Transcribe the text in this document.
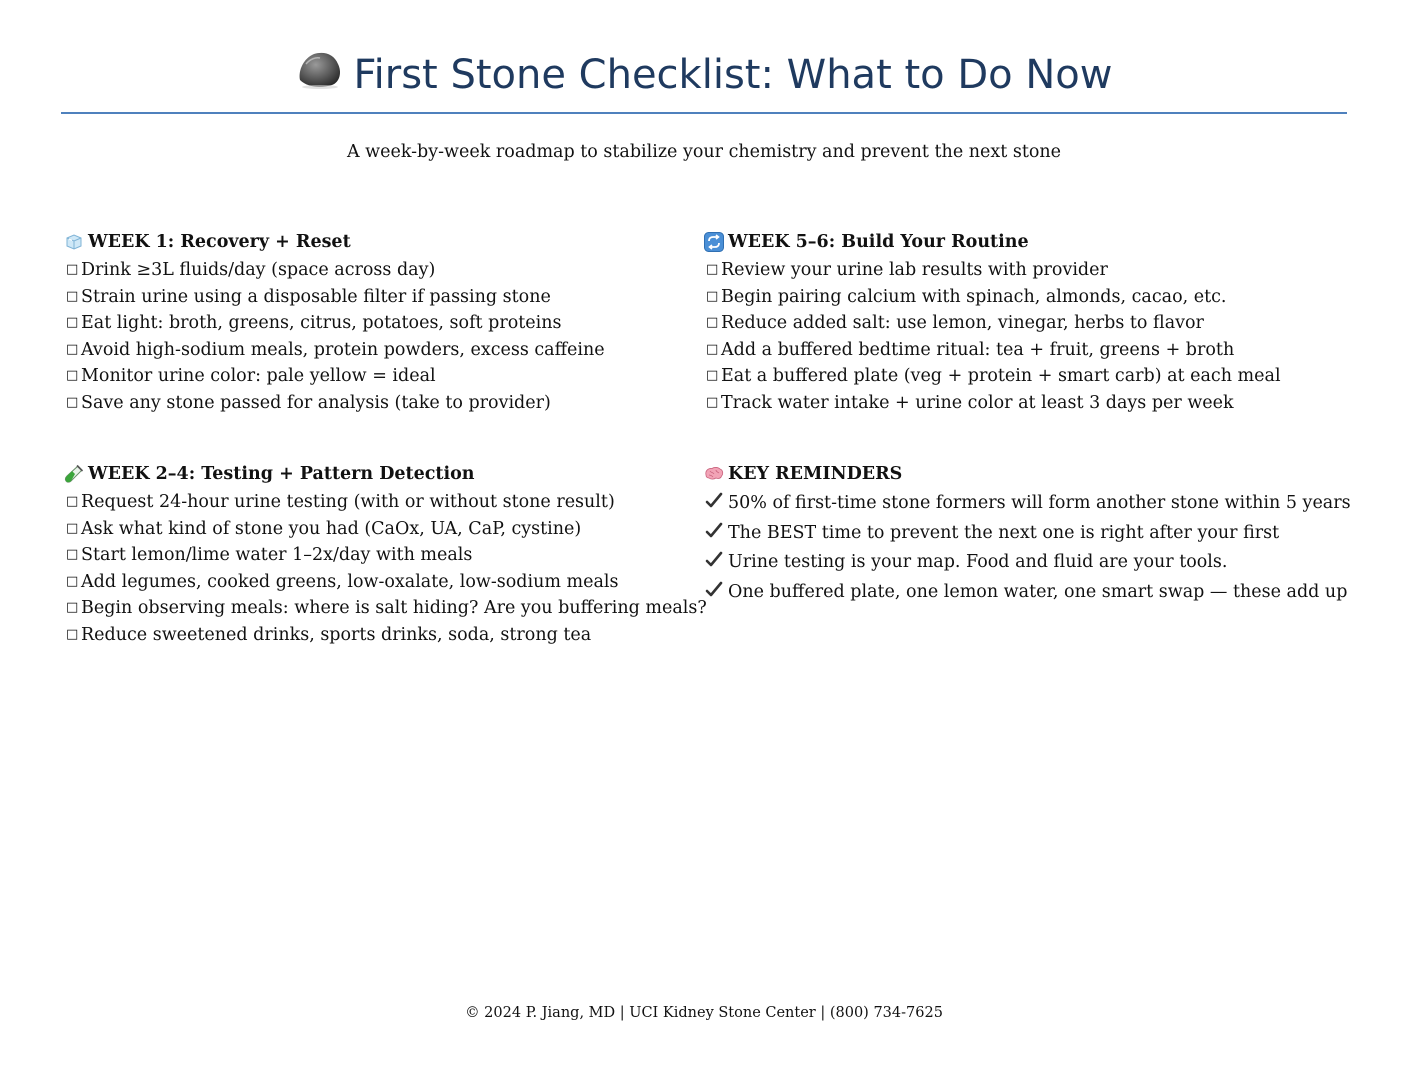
First Stone Checklist: What to Do Now
A week-by-week roadmap to stabilize your chemistry and prevent the next stone
WEEK 1: Recovery + Reset
□ Drink ≥3L fluids/day (space across day)
□ Strain urine using a disposable filter if passing stone
□ Eat light: broth, greens, citrus, potatoes, soft proteins
□ Avoid high-sodium meals, protein powders, excess caffeine
□ Monitor urine color: pale yellow = ideal
□ Save any stone passed for analysis (take to provider)
WEEK 5–6: Build Your Routine
□ Review your urine lab results with provider
□ Begin pairing calcium with spinach, almonds, cacao, etc.
□ Reduce added salt: use lemon, vinegar, herbs to flavor
□ Add a buffered bedtime ritual: tea + fruit, greens + broth
□ Eat a buffered plate (veg + protein + smart carb) at each meal
□ Track water intake + urine color at least 3 days per week
WEEK 2–4: Testing + Pattern Detection
□ Request 24-hour urine testing (with or without stone result)
□ Ask what kind of stone you had (CaOx, UA, CaP, cystine)
□ Start lemon/lime water 1–2x/day with meals
□ Add legumes, cooked greens, low-oxalate, low-sodium meals
□ Begin observing meals: where is salt hiding? Are you buffering meals?
□ Reduce sweetened drinks, sports drinks, soda, strong tea
KEY REMINDERS
50% of first-time stone formers will form another stone within 5 years
The BEST time to prevent the next one is right after your first
Urine testing is your map. Food and fluid are your tools.
One buffered plate, one lemon water, one smart swap — these add up
© 2024 P. Jiang, MD | UCI Kidney Stone Center | (800) 734-7625
